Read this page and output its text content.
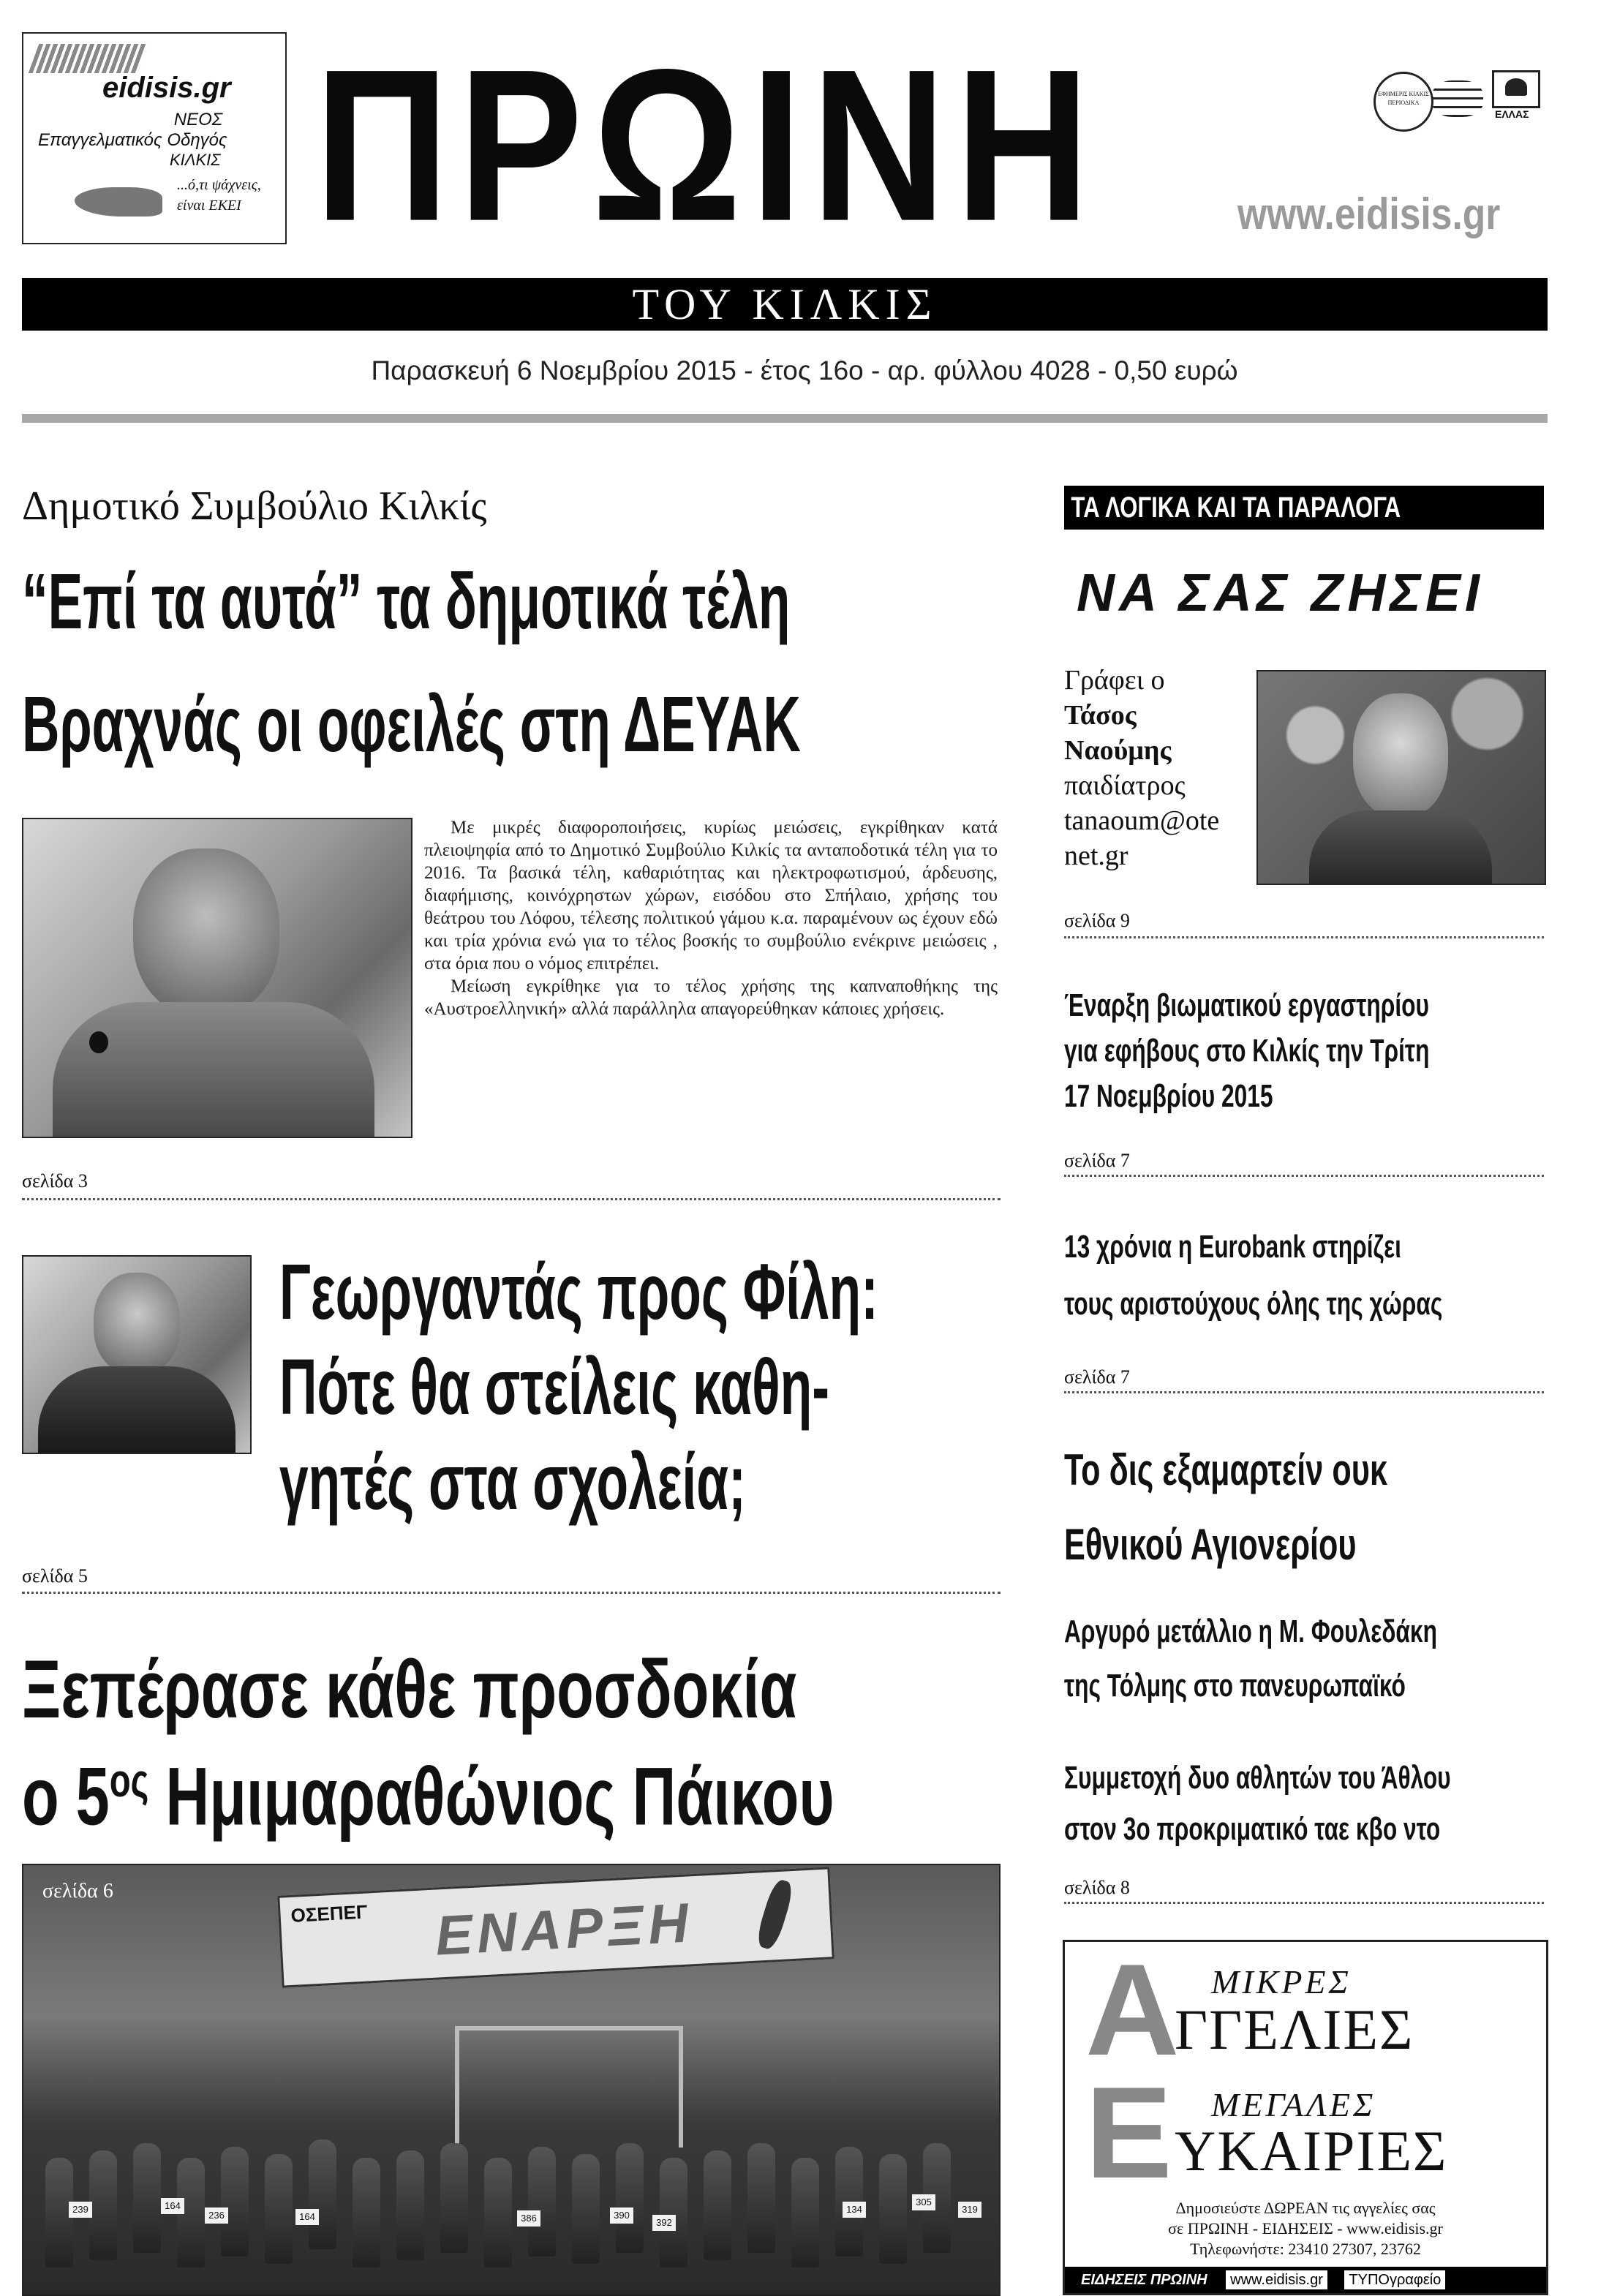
eidisis.gr
ΝΕΟΣ
Επαγγελματικός Οδηγός
ΚΙΛΚΙΣ
...ό,τι ψάχνεις,
είναι ΕΚΕΙ ΠΡΩΙΝΗ	ΕΦΗΜΕΡΙΣ ΚΙΛΚΙΣ ΠΕΡΙΟΔΙΚΑ
ΕΛΛΑΣ
www.eidisis.gr
ΤΟΥ ΚΙΛΚΙΣ
Παρασκευή 6 Νοεμβρίου 2015 - έτος 16ο - αρ. φύλλου 4028 - 0,50 ευρώ
Δημοτικό Συμβούλιο Κιλκίς
“Επί τα αυτά” τα δημοτικά τέλη
Βραχνάς οι οφειλές στη ΔΕΥΑΚ

Με μικρές διαφοροποιήσεις, κυρίως μειώσεις, εγκρίθηκαν κατά πλειοψηφία από το Δημοτικό Συμβούλιο Κιλκίς τα ανταποδοτικά τέλη για το 2016. Τα βασικά τέλη, καθαριότητας και ηλεκτροφωτισμού, άρδευσης, διαφήμισης, κοινόχρηστων χώρων, εισόδου στο Σπήλαιο, χρήσης του θεάτρου του Λόφου, τέλεσης πολιτικού γάμου κ.α. παραμένουν ως έχουν εδώ και τρία χρόνια ενώ για το τέλος βοσκής το συμβούλιο ενέκρινε μειώσεις , στα όρια που ο νόμος επιτρέπει.

Μείωση εγκρίθηκε για το τέλος χρήσης της καπναποθήκης της «Αυστροελληνική» αλλά παράλληλα απαγορεύθηκαν κάποιες χρήσεις.

σελίδα 3
Γεωργαντάς προς Φίλη:
Πότε θα στείλεις καθη-
γητές στα σχολεία;
σελίδα 5
Ξεπέρασε κάθε προσδοκία
ο $5^{o\varsigma}$ Ημιμαραθώνιος Πάικου
σελίδα 6
ΟΣΕΠΕΓ ΕΝΑΡΞΗ
239	164
236	164	386	390
392
134
305
319
ΤΑ ΛΟΓΙΚΑ ΚΑΙ ΤΑ ΠΑΡΑΛΟΓΑ
ΝΑ ΣΑΣ ΖΗΣΕΙ
Γράφει ο
Τάσος
Ναούμης
παιδίατρος
tanaoum@ote
net.gr
σελίδα 9
Έναρξη βιωματικού εργαστηρίου
για εφήβους στο Κιλκίς την Τρίτη
17 Νοεμβρίου 2015
σελίδα 7
13 χρόνια η Eurobank στηρίζει
τους αριστούχους όλης της χώρας
σελίδα 7
Το δις εξαμαρτείν ουκ
Εθνικού Αγιονερίου
Αργυρό μετάλλιο η Μ. Φουλεδάκη
της Τόλμης στο πανευρωπαϊκό
Συμμετοχή δυο αθλητών του Άθλου
στον 3ο προκριματικό ταε κβο ντο
σελίδα 8
Α ΜΙΚΡΕΣ
ΓΓΕΛΙΕΣ
Ε ΜΕΓΑΛΕΣ
ΥΚΑΙΡΙΕΣ
Δημοσιεύστε ΔΩΡΕΑΝ τις αγγελίες σας
σε ΠΡΩΙΝΗ - ΕΙΔΗΣΕΙΣ - www.eidisis.gr
Τηλεφωνήστε: 23410 27307, 23762
ΕΙΔΗΣΕΙΣ ΠΡΩΙΝΗ www.eidisis.gr ΤΥΠΟγραφείο
